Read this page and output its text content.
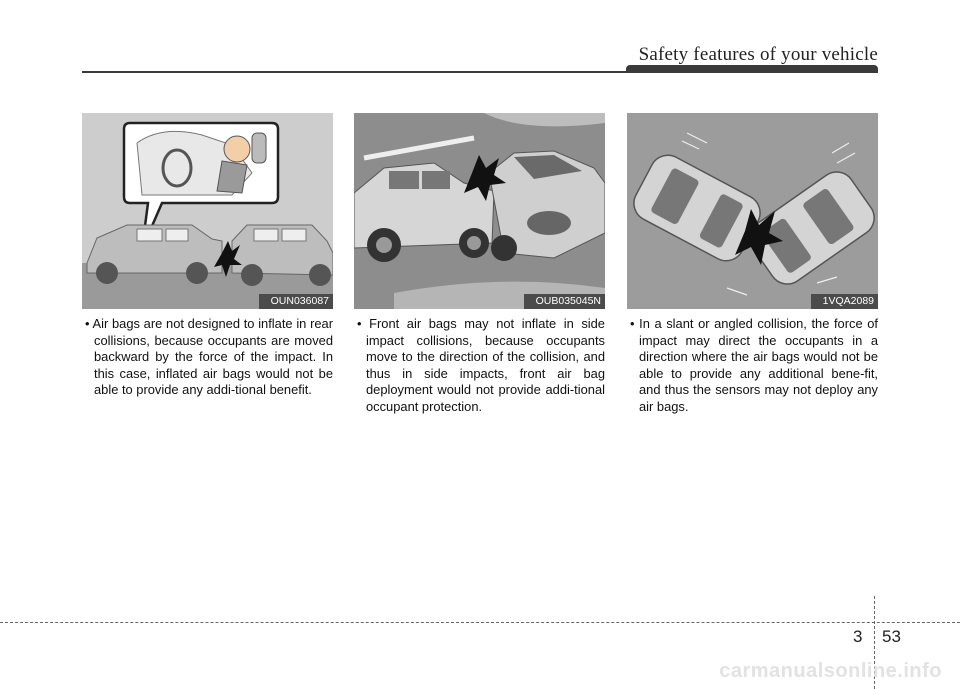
Safety features of your vehicle
OUN036087	OUB035045N	1VQA2089
• Air bags are not designed to inflate in rear collisions, because occupants are moved backward by the force of the impact. In this case, inflated air bags would not be able to provide any addi-tional benefit.
• Front air bags may not inflate in side impact collisions, because occupants move to the direction of the collision, and thus in side impacts, front air bag deployment would not provide addi-tional occupant protection.
• In a slant or angled collision, the force of impact may direct the occupants in a direction where the air bags would not be able to provide any additional bene-fit, and thus the sensors may not deploy any air bags.
3 53
carmanualsonline.info
